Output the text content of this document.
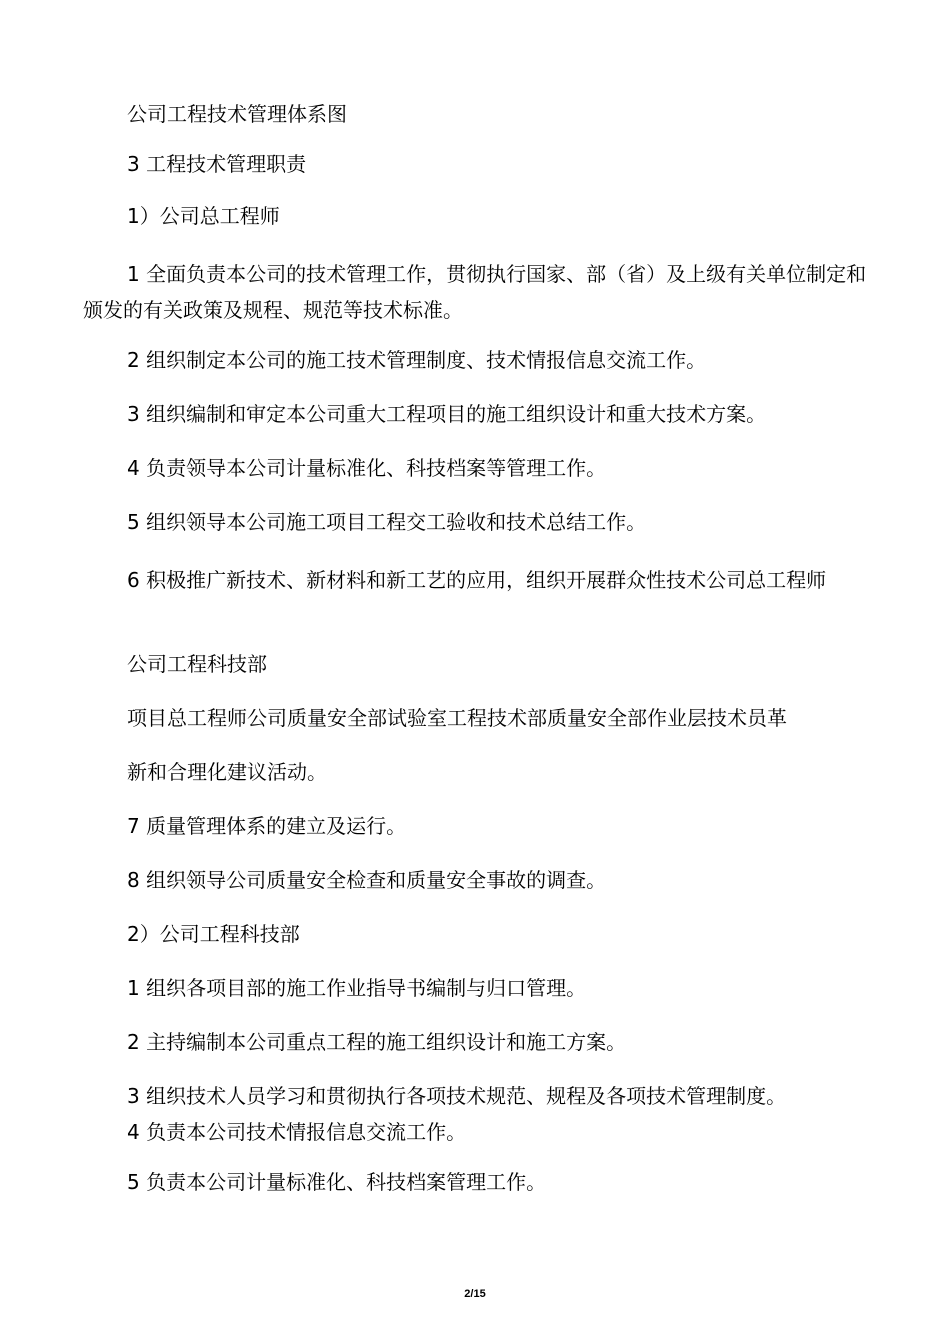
公司工程技术管理体系图

3 工程技术管理职责

1）公司总工程师

1 全面负责本公司的技术管理工作，贯彻执行国家、部（省）及上级有关单位制定和颁发的有关政策及规程、规范等技术标准。

2 组织制定本公司的施工技术管理制度、技术情报信息交流工作。

3 组织编制和审定本公司重大工程项目的施工组织设计和重大技术方案。

4 负责领导本公司计量标准化、科技档案等管理工作。

5 组织领导本公司施工项目工程交工验收和技术总结工作。

6 积极推广新技术、新材料和新工艺的应用，组织开展群众性技术公司总工程师

公司工程科技部

项目总工程师公司质量安全部试验室工程技术部质量安全部作业层技术员革

新和合理化建议活动。

7 质量管理体系的建立及运行。

8 组织领导公司质量安全检查和质量安全事故的调查。

2）公司工程科技部

1 组织各项目部的施工作业指导书编制与归口管理。

2 主持编制本公司重点工程的施工组织设计和施工方案。

3 组织技术人员学习和贯彻执行各项技术规范、规程及各项技术管理制度。

4 负责本公司技术情报信息交流工作。

5 负责本公司计量标准化、科技档案管理工作。

2/15
